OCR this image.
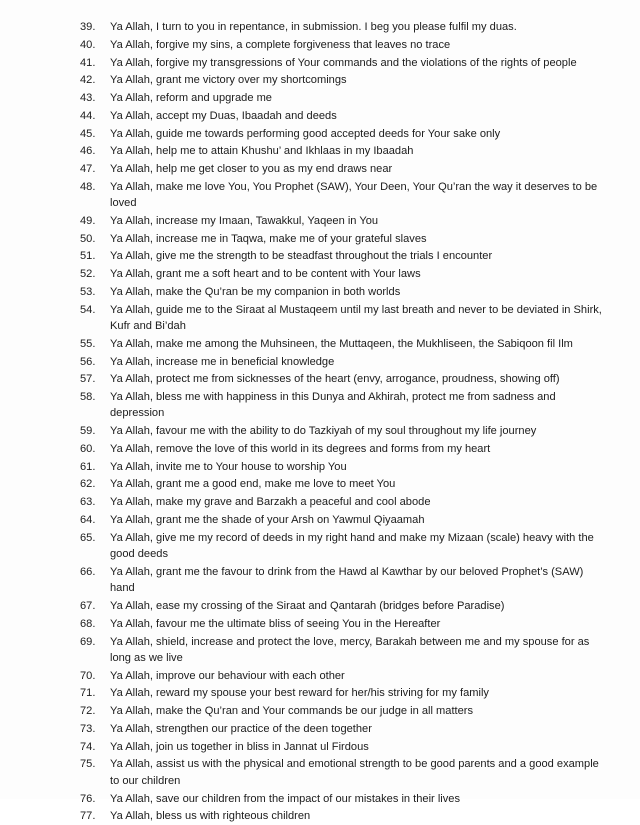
39.	Ya Allah, I turn to you in repentance, in submission. I beg you please fulfil my duas.
40.	Ya Allah, forgive my sins, a complete forgiveness that leaves no trace
41.	Ya Allah, forgive my transgressions of Your commands and the violations of the rights of people
42.	Ya Allah, grant me victory over my shortcomings
43.	Ya Allah, reform and upgrade me
44.	Ya Allah, accept my Duas, Ibaadah and deeds
45.	Ya Allah, guide me towards performing good accepted deeds for Your sake only
46.	Ya Allah, help me to attain Khushu’ and Ikhlaas in my Ibaadah
47.	Ya Allah, help me get closer to you as my end draws near
48.	Ya Allah, make me love You, You Prophet (SAW), Your Deen, Your Qu’ran the way it deserves to be loved
49.	Ya Allah, increase my Imaan, Tawakkul, Yaqeen in You
50.	Ya Allah, increase me in Taqwa, make me of your grateful slaves
51.	Ya Allah, give me the strength to be steadfast throughout the trials I encounter
52.	Ya Allah, grant me a soft heart and to be content with Your laws
53.	Ya Allah, make the Qu’ran be my companion in both worlds
54.	Ya Allah, guide me to the Siraat al Mustaqeem until my last breath and never to be deviated in Shirk, Kufr and Bi’dah
55.	Ya Allah, make me among the Muhsineen, the Muttaqeen, the Mukhliseen, the Sabiqoon fil Ilm
56.	Ya Allah, increase me in beneficial knowledge
57.	Ya Allah, protect me from sicknesses of the heart (envy, arrogance, proudness, showing off)
58.	Ya Allah, bless me with happiness in this Dunya and Akhirah, protect me from sadness and depression
59.	Ya Allah, favour me with the ability to do Tazkiyah of my soul throughout my life journey
60.	Ya Allah, remove the love of this world in its degrees and forms from my heart
61.	Ya Allah, invite me to Your house to worship You
62.	Ya Allah, grant me a good end, make me love to meet You
63.	Ya Allah, make my grave and Barzakh a peaceful and cool abode
64.	Ya Allah, grant me the shade of your Arsh on Yawmul Qiyaamah
65.	Ya Allah, give me my record of deeds in my right hand and make my Mizaan (scale) heavy with the good deeds
66.	Ya Allah, grant me the favour to drink from the Hawd al Kawthar by our beloved Prophet’s (SAW) hand
67.	Ya Allah, ease my crossing of the Siraat and Qantarah (bridges before Paradise)
68.	Ya Allah, favour me the ultimate bliss of seeing You in the Hereafter
69.	Ya Allah, shield, increase and protect the love, mercy, Barakah between me and my spouse for as long as we live
70.	Ya Allah, improve our behaviour with each other
71.	Ya Allah, reward my spouse your best reward for her/his striving for my family
72.	Ya Allah, make the Qu’ran and Your commands be our judge in all matters
73.	Ya Allah, strengthen our practice of the deen together
74.	Ya Allah, join us together in bliss in Jannat ul Firdous
75.	Ya Allah, assist us with the physical and emotional strength to be good parents and a good example to our children
76.	Ya Allah, save our children from the impact of our mistakes in their lives
77.	Ya Allah, bless us with righteous children
